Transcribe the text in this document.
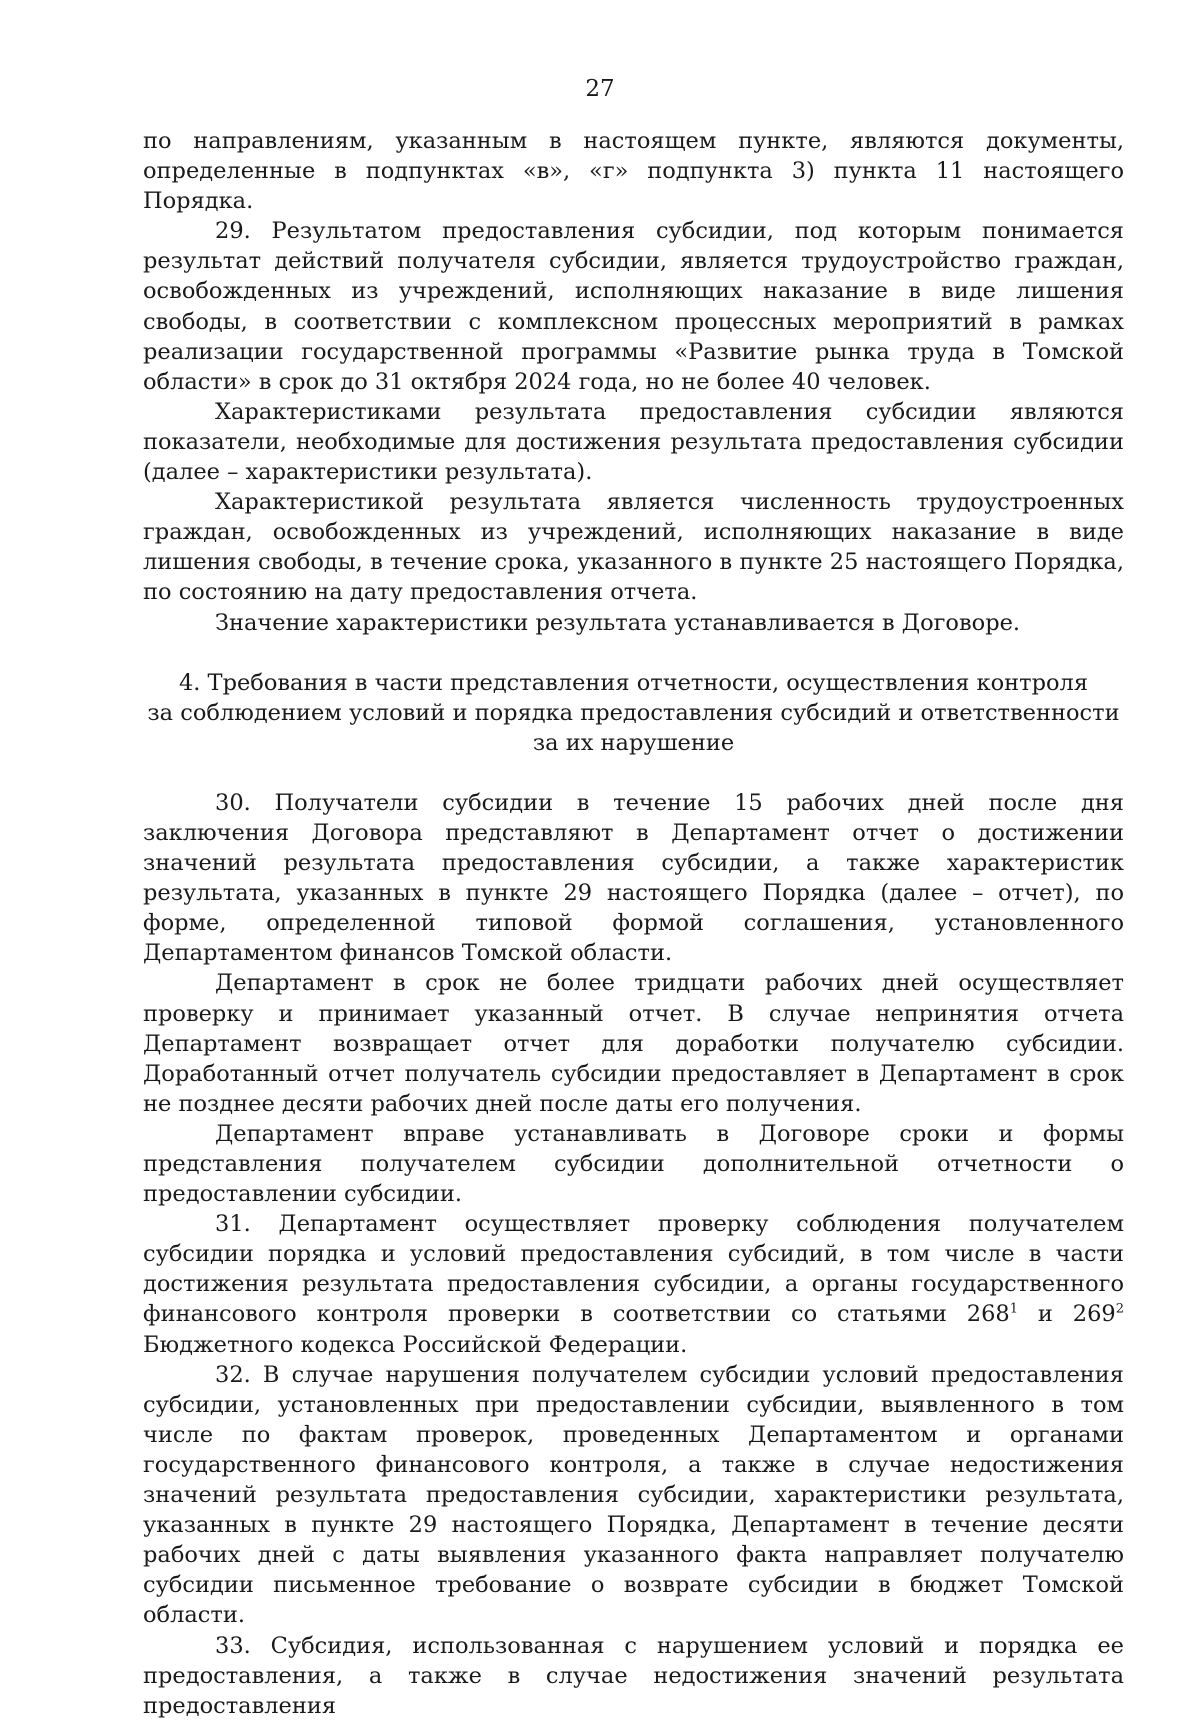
27

по направлениям, указанным в настоящем пункте, являются документы, определенные в подпунктах «в», «г» подпункта 3) пункта 11 настоящего Порядка.

29. Результатом предоставления субсидии, под которым понимается результат действий получателя субсидии, является трудоустройство граждан, освобожденных из учреждений, исполняющих наказание в виде лишения свободы, в соответствии с комплексном процессных мероприятий в рамках реализации государственной программы «Развитие рынка труда в Томской области» в срок до 31 октября 2024 года, но не более 40 человек.

Характеристиками результата предоставления субсидии являются показатели, необходимые для достижения результата предоставления субсидии (далее – характеристики результата).

Характеристикой результата является численность трудоустроенных граждан, освобожденных из учреждений, исполняющих наказание в виде лишения свободы, в течение срока, указанного в пункте 25 настоящего Порядка, по состоянию на дату предоставления отчета.

Значение характеристики результата устанавливается в Договоре.

4. Требования в части представления отчетности, осуществления контроля
за соблюдением условий и порядка предоставления субсидий и ответственности
за их нарушение

30. Получатели субсидии в течение 15 рабочих дней после дня заключения Договора представляют в Департамент отчет о достижении значений результата предоставления субсидии, а также характеристик результата, указанных в пункте 29 настоящего Порядка (далее – отчет), по форме, определенной типовой формой соглашения, установленного Департаментом финансов Томской области.

Департамент в срок не более тридцати рабочих дней осуществляет проверку и принимает указанный отчет. В случае непринятия отчета Департамент возвращает отчет для доработки получателю субсидии. Доработанный отчет получатель субсидии предоставляет в Департамент в срок не позднее десяти рабочих дней после даты его получения.

Департамент вправе устанавливать в Договоре сроки и формы представления получателем субсидии дополнительной отчетности о предоставлении субсидии.

31. Департамент осуществляет проверку соблюдения получателем субсидии порядка и условий предоставления субсидий, в том числе в части достижения результата предоставления субсидии, а органы государственного финансового контроля проверки в соответствии со статьями $268^1$ и $269^2$ Бюджетного кодекса Российской Федерации.

32. В случае нарушения получателем субсидии условий предоставления субсидии, установленных при предоставлении субсидии, выявленного в том числе по фактам проверок, проведенных Департаментом и органами государственного финансового контроля, а также в случае недостижения значений результата предоставления субсидии, характеристики результата, указанных в пункте 29 настоящего Порядка, Департамент в течение десяти рабочих дней с даты выявления указанного факта направляет получателю субсидии письменное требование о возврате субсидии в бюджет Томской области.

33. Субсидия, использованная с нарушением условий и порядка ее предоставления, а также в случае недостижения значений результата предоставления
